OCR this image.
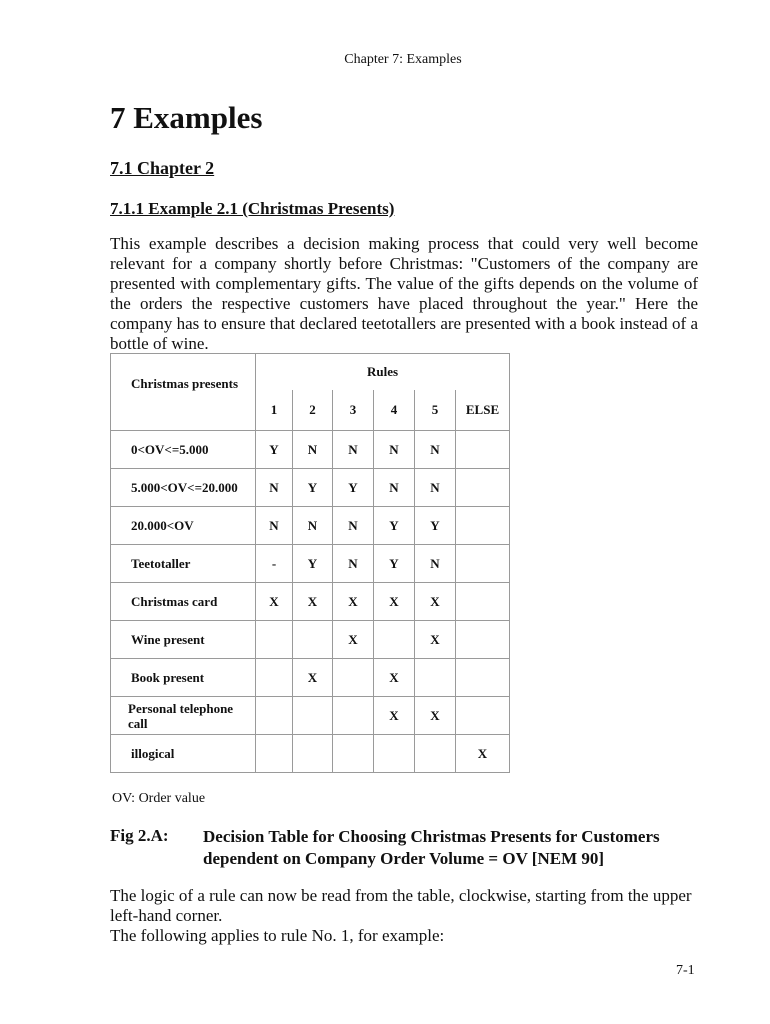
Chapter 7: Examples
7 Examples
7.1 Chapter 2
7.1.1 Example 2.1 (Christmas Presents)

This example describes a decision making process that could very well become relevant for a company shortly before Christmas: "Customers of the company are presented with complementary gifts. The value of the gifts depends on the volume of the orders the respective customers have placed throughout the year." Here the company has to ensure that declared teetotallers are presented with a book instead of a bottle of wine.

Christmas presents	Rules					
	1	2	3	4	5	ELSE
0<OV<=5.000	Y	N	N	N	N	
5.000<OV<=20.000	N	Y	Y	N	N	
20.000<OV	N	N	N	Y	Y	
Teetotaller	-	Y	N	Y	N	
Christmas card	X	X	X	X	X	
Wine present			X		X	
Book present		X		X		
Personal telephone call				X	X	
illogical						X
OV: Order value
Fig 2.A: Decision Table for Choosing Christmas Presents for Customers dependent on Company Order Volume = OV [NEM 90]
The logic of a rule can now be read from the table, clockwise, starting from the upper left-hand corner.
The following applies to rule No. 1, for example:
7-1
